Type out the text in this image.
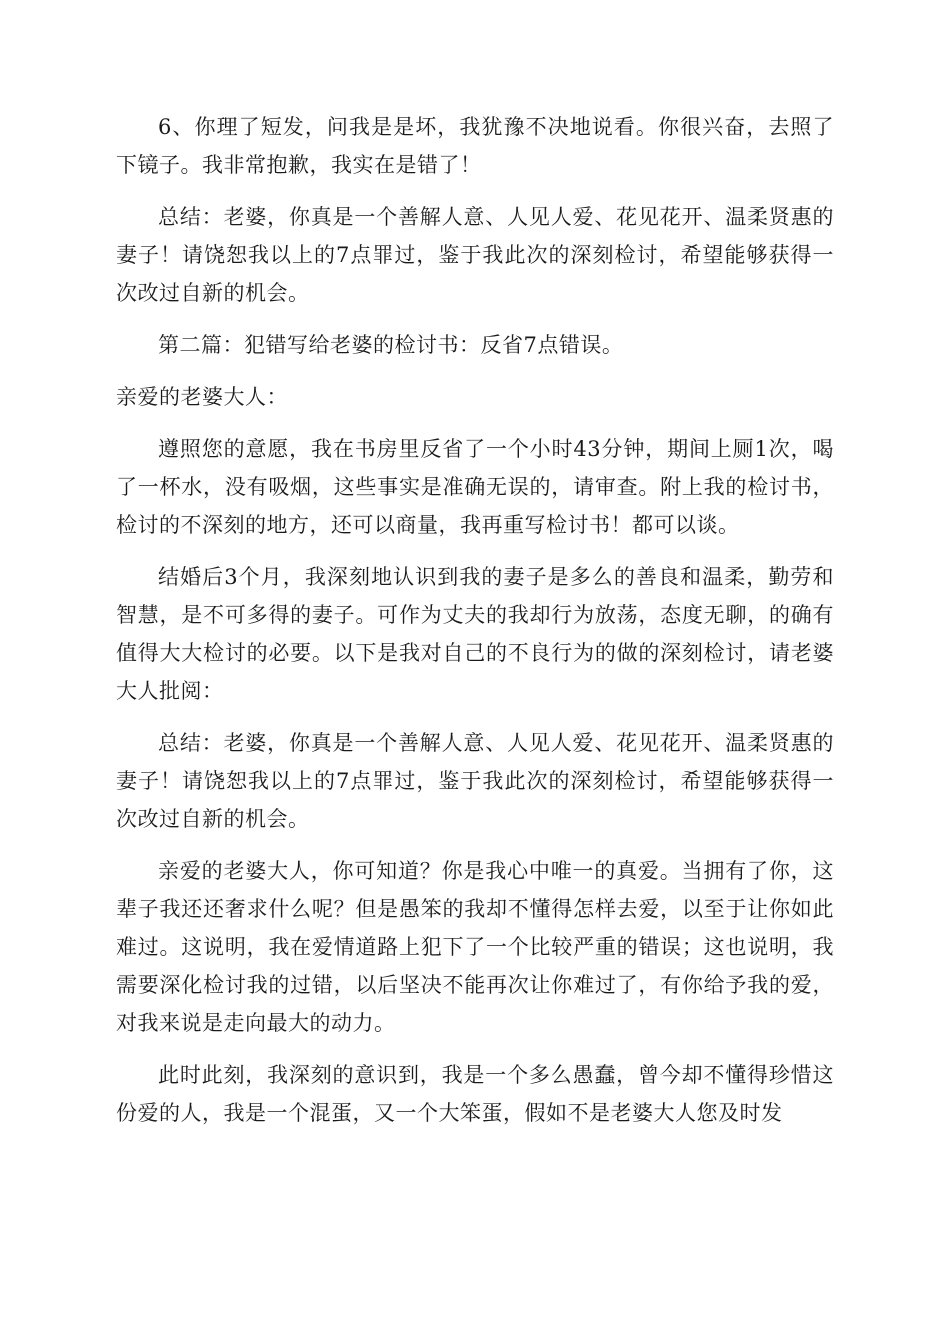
6、你理了短发，问我是是坏，我犹豫不决地说看。你很兴奋，去照了下镜子。我非常抱歉，我实在是错了！

总结：老婆，你真是一个善解人意、人见人爱、花见花开、温柔贤惠的妻子！请饶恕我以上的7点罪过，鉴于我此次的深刻检讨，希望能够获得一次改过自新的机会。

第二篇：犯错写给老婆的检讨书：反省7点错误。

亲爱的老婆大人：

遵照您的意愿，我在书房里反省了一个小时43分钟，期间上厕1次，喝了一杯水，没有吸烟，这些事实是准确无误的，请审查。附上我的检讨书，检讨的不深刻的地方，还可以商量，我再重写检讨书！都可以谈。

结婚后3个月，我深刻地认识到我的妻子是多么的善良和温柔，勤劳和智慧，是不可多得的妻子。可作为丈夫的我却行为放荡，态度无聊，的确有值得大大检讨的必要。以下是我对自己的不良行为的做的深刻检讨，请老婆大人批阅：

总结：老婆，你真是一个善解人意、人见人爱、花见花开、温柔贤惠的妻子！请饶恕我以上的7点罪过，鉴于我此次的深刻检讨，希望能够获得一次改过自新的机会。

亲爱的老婆大人，你可知道？你是我心中唯一的真爱。当拥有了你，这辈子我还还奢求什么呢？但是愚笨的我却不懂得怎样去爱，以至于让你如此难过。这说明，我在爱情道路上犯下了一个比较严重的错误；这也说明，我需要深化检讨我的过错，以后坚决不能再次让你难过了，有你给予我的爱，对我来说是走向最大的动力。

此时此刻，我深刻的意识到，我是一个多么愚蠢，曾今却不懂得珍惜这份爱的人，我是一个混蛋，又一个大笨蛋，假如不是老婆大人您及时发
